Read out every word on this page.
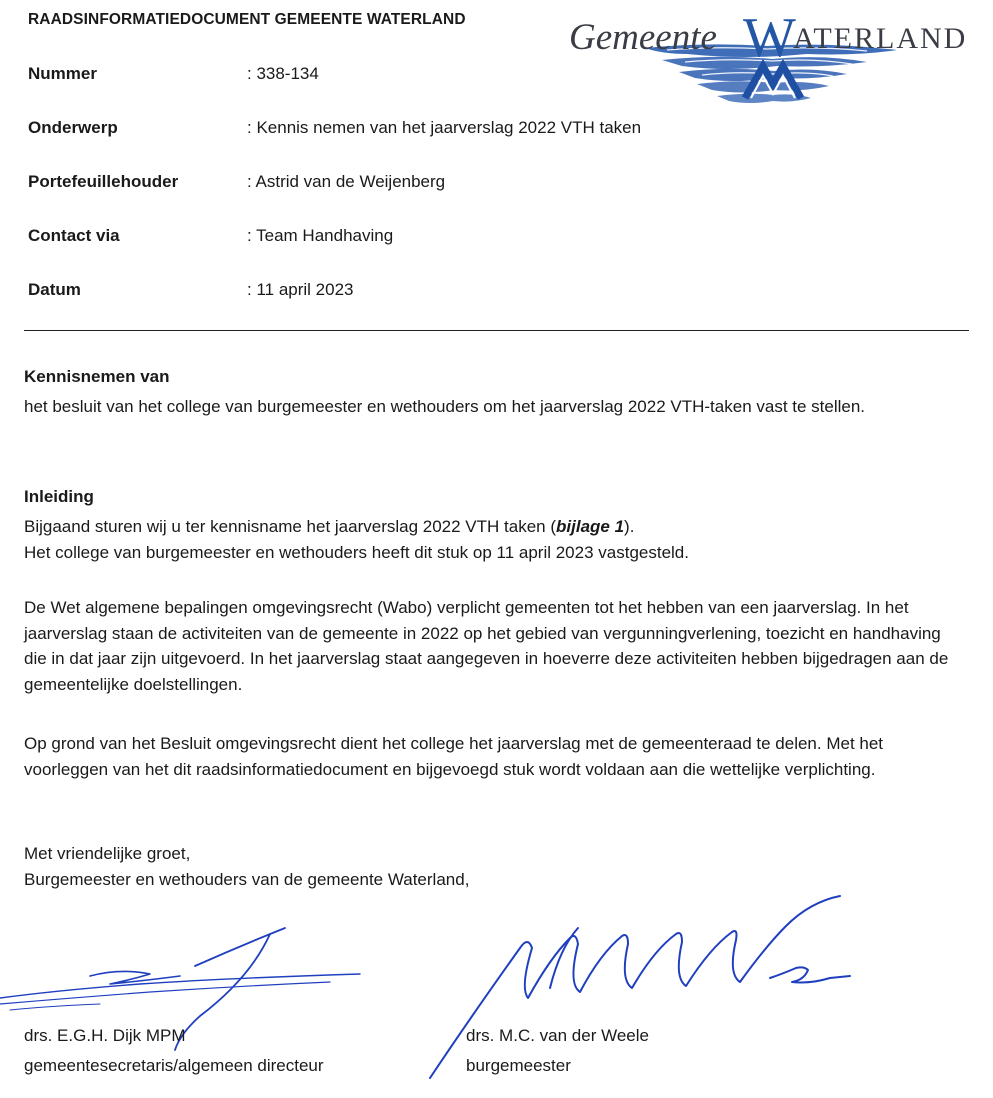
RAADSINFORMATIEDOCUMENT GEMEENTE WATERLAND	Gemeente W
ATERLAND
Nummer	: 338-134
Onderwerp	: Kennis nemen van het jaarverslag 2022 VTH taken
Portefeuillehouder	: Astrid van de Weijenberg
Contact via	: Team Handhaving
Datum	: 11 april 2023
Kennisnemen van

het besluit van het college van burgemeester en wethouders om het jaarverslag 2022 VTH-taken vast te stellen.

Inleiding

Bijgaand sturen wij u ter kennisname het jaarverslag 2022 VTH taken (bijlage 1).

Het college van burgemeester en wethouders heeft dit stuk op 11 april 2023 vastgesteld.

De Wet algemene bepalingen omgevingsrecht (Wabo) verplicht gemeenten tot het hebben van een jaarverslag. In het jaarverslag staan de activiteiten van de gemeente in 2022 op het gebied van vergunningverlening, toezicht en handhaving die in dat jaar zijn uitgevoerd. In het jaarverslag staat aangegeven in hoeverre deze activiteiten hebben bijgedragen aan de gemeentelijke doelstellingen.

Op grond van het Besluit omgevingsrecht dient het college het jaarverslag met de gemeenteraad te delen. Met het voorleggen van het dit raadsinformatiedocument en bijgevoegd stuk wordt voldaan aan die wettelijke verplichting.

Met vriendelijke groet,

Burgemeester en wethouders van de gemeente Waterland,

drs. E.G.H. Dijk MPM
gemeentesecretaris/algemeen directeur
drs. M.C. van der Weele
burgemeester
